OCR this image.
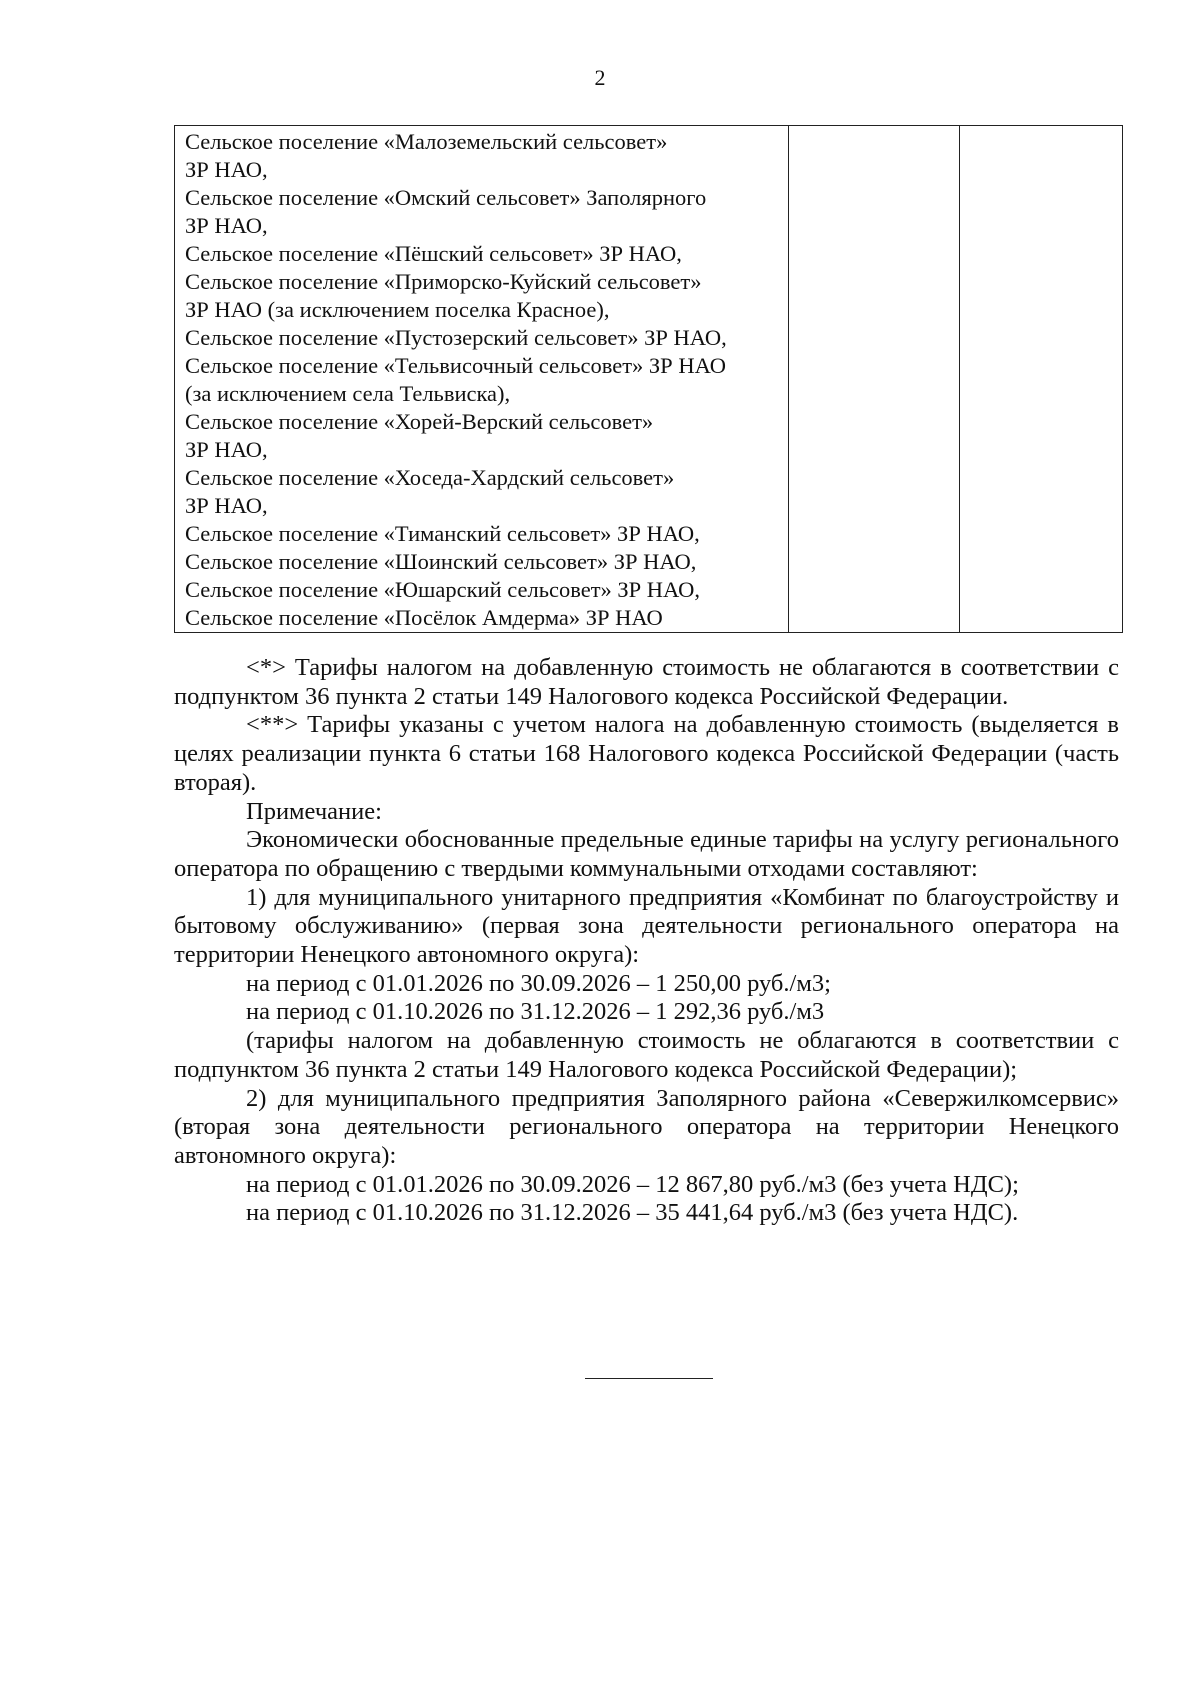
2
Сельское поселение «Малоземельский сельсовет»
ЗР НАО,
Сельское поселение «Омский сельсовет» Заполярного
ЗР НАО,
Сельское поселение «Пёшский сельсовет» ЗР НАО,
Сельское поселение «Приморско-Куйский сельсовет»
ЗР НАО (за исключением поселка Красное),
Сельское поселение «Пустозерский сельсовет» ЗР НАО,
Сельское поселение «Тельвисочный сельсовет» ЗР НАО
(за исключением села Тельвиска),
Сельское поселение «Хорей-Верский сельсовет»
ЗР НАО,
Сельское поселение «Хоседа-Хардский сельсовет»
ЗР НАО,
Сельское поселение «Тиманский сельсовет» ЗР НАО,
Сельское поселение «Шоинский сельсовет» ЗР НАО,
Сельское поселение «Юшарский сельсовет» ЗР НАО,
Сельское поселение «Посёлок Амдерма» ЗР НАО

<*> Тарифы налогом на добавленную стоимость не облагаются в соответствии с подпунктом 36 пункта 2 статьи 149 Налогового кодекса Российской Федерации.

<**> Тарифы указаны с учетом налога на добавленную стоимость (выделяется в целях реализации пункта 6 статьи 168 Налогового кодекса Российской Федерации (часть вторая).

Примечание:

Экономически обоснованные предельные единые тарифы на услугу регионального оператора по обращению с твердыми коммунальными отходами составляют:

1) для муниципального унитарного предприятия «Комбинат по благоустройству и бытовому обслуживанию» (первая зона деятельности регионального оператора на территории Ненецкого автономного округа):

на период с 01.01.2026 по 30.09.2026 – 1 250,00 руб./м3;

на период с 01.10.2026 по 31.12.2026 – 1 292,36 руб./м3

(тарифы налогом на добавленную стоимость не облагаются в соответствии с подпунктом 36 пункта 2 статьи 149 Налогового кодекса Российской Федерации);

2) для муниципального предприятия Заполярного района «Севержилкомсервис» (вторая зона деятельности регионального оператора на территории Ненецкого автономного округа):

на период с 01.01.2026 по 30.09.2026 – 12 867,80 руб./м3 (без учета НДС);

на период с 01.10.2026 по 31.12.2026 – 35 441,64 руб./м3 (без учета НДС).
